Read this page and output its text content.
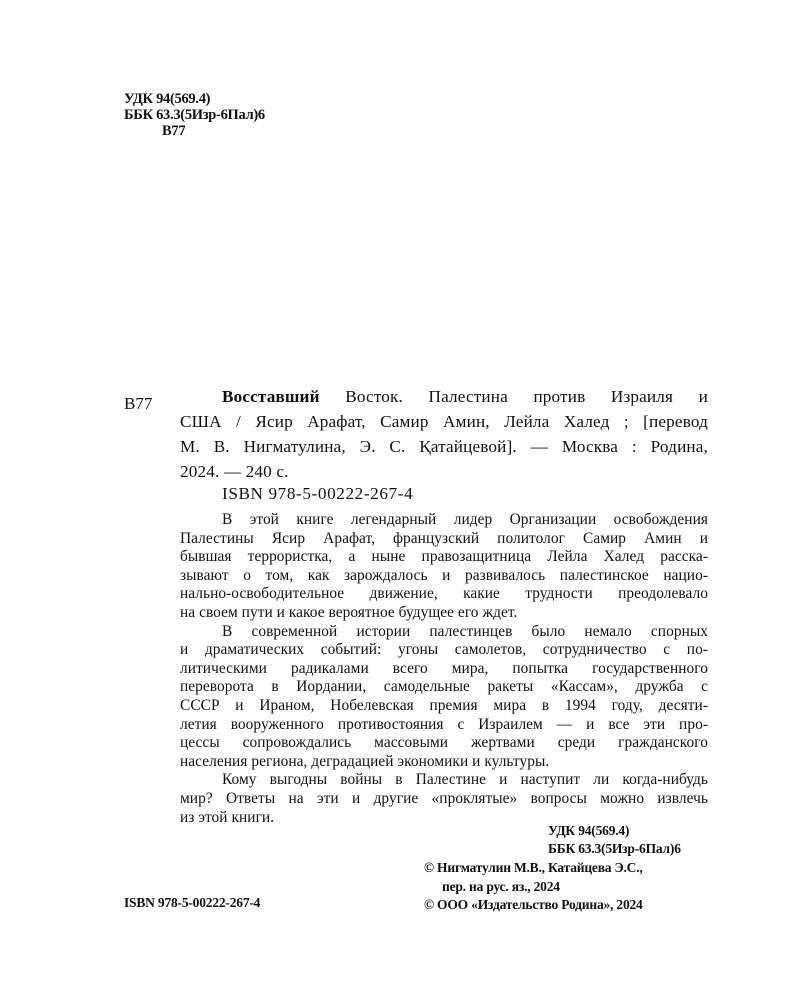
УДК 94(569.4)
ББК 63.3(5Изр-6Пал)6
В77
В77	Восставший Восток. Палестина против Израиля и
США / Ясир Арафат, Самир Амин, Лейла Халед ; [перевод
М. В. Нигматулина, Э. С. Қатайцевой]. — Москва : Родина,
2024. — 240 с.
ISBN 978-5-00222-267-4
В этой книге легендарный лидер Организации освобождения
Палестины Ясир Арафат, французский политолог Самир Амин и
бывшая террористка, а ныне правозащитница Лейла Халед расска-
зывают о том, как зарождалось и развивалось палестинское нацио-
нально-освободительное движение, какие трудности преодолевало
на своем пути и какое вероятное будущее его ждет.
В современной истории палестинцев было немало спорных
и драматических событий: угоны самолетов, сотрудничество с по-
литическими радикалами всего мира, попытка государственного
переворота в Иордании, самодельные ракеты «Кассам», дружба с
СССР и Ираном, Нобелевская премия мира в 1994 году, десяти-
летия вооруженного противостояния с Израилем — и все эти про-
цессы сопровождались массовыми жертвами среди гражданского
населения региона, деградацией экономики и культуры.
Кому выгодны войны в Палестине и наступит ли когда-нибудь
мир? Ответы на эти и другие «проклятые» вопросы можно извлечь
из этой книги.
УДК 94(569.4)
ББК 63.3(5Изр-6Пал)6
© Нигматулин М.В., Катайцева Э.С.,
пер. на рус. яз., 2024
© ООО «Издательство Родина», 2024
ISBN 978-5-00222-267-4
